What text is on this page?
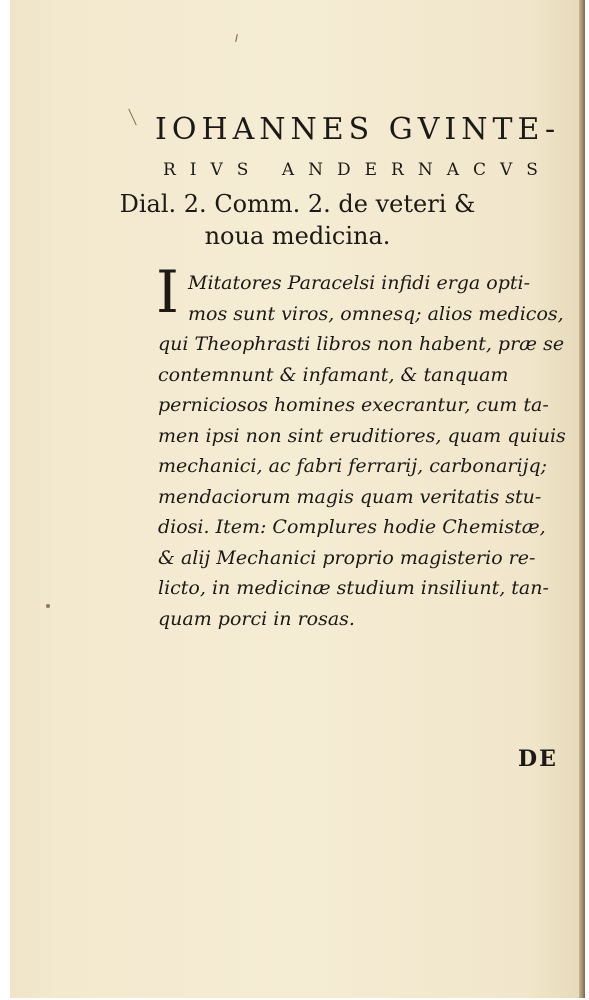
IOHANNES GVINTE-
RIVS ANDERNACVS
Dial. 2. Comm. 2. de veteri &
noua medicina.
I Mitatores Paracelsi infidi erga opti-
mos sunt viros, omnesq; alios medicos,
qui Theophrasti libros non habent, præ se
contemnunt & infamant, & tanquam
perniciosos homines execrantur, cum ta-
men ipsi non sint eruditiores, quam quiuis
mechanici, ac fabri ferrarij, carbonarijq;
mendaciorum magis quam veritatis stu-
diosi. Item: Complures hodie Chemistæ,
& alij Mechanici proprio magisterio re-
licto, in medicinæ studium insiliunt, tan-
quam porci in rosas.
DE
